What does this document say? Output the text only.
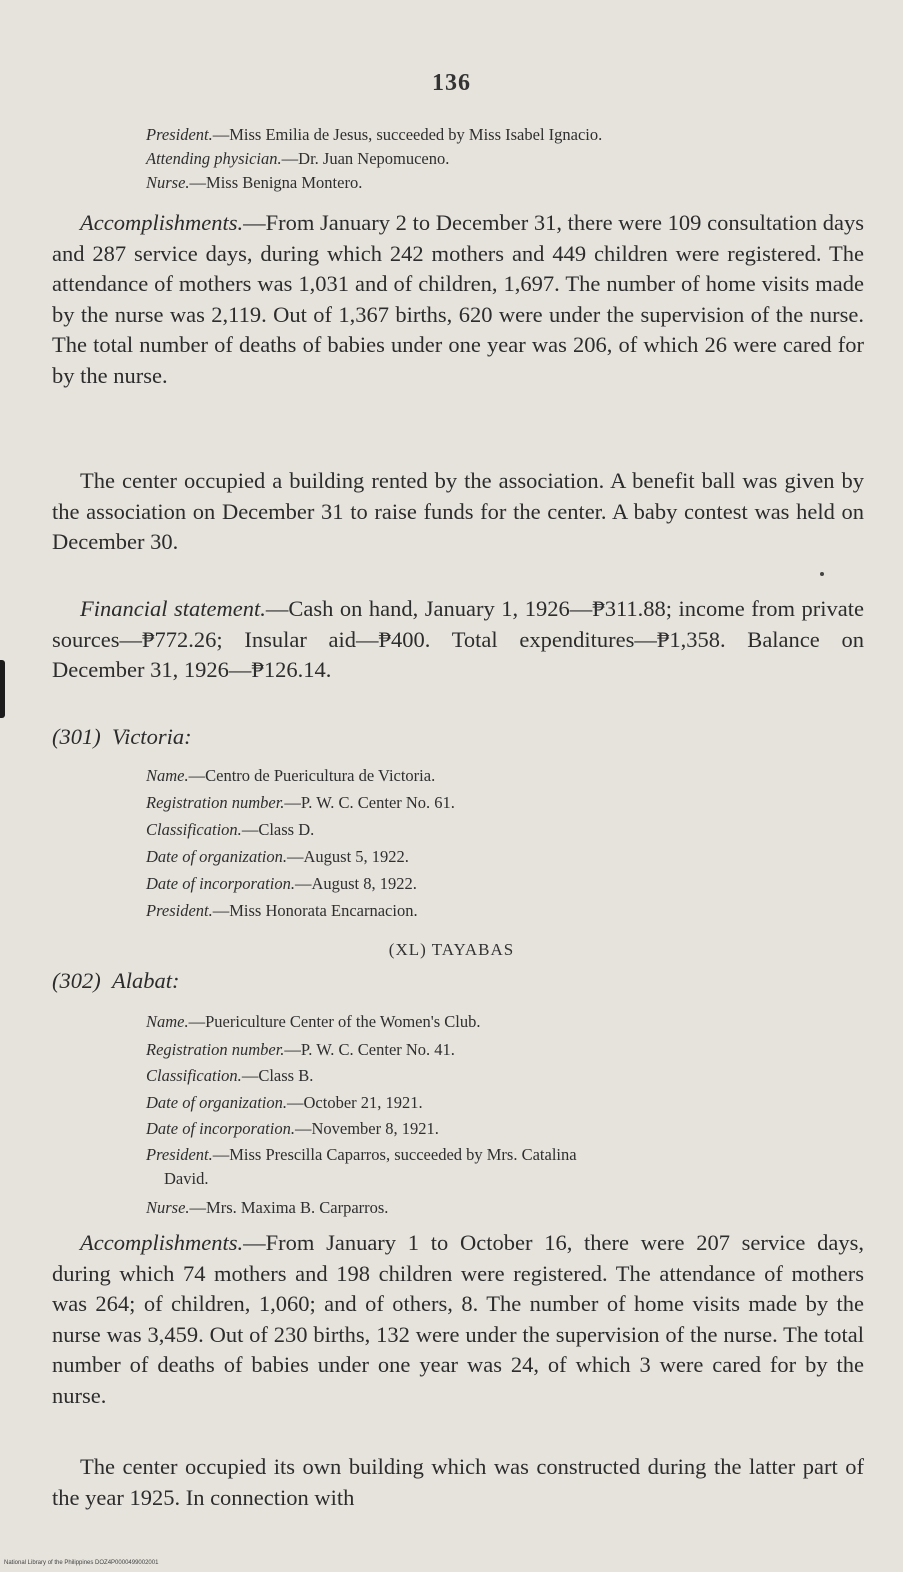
136
President.—Miss Emilia de Jesus, succeeded by Miss Isabel Ignacio.
Attending physician.—Dr. Juan Nepomuceno.
Nurse.—Miss Benigna Montero.
Accomplishments.—From January 2 to December 31, there were 109 consultation days and 287 service days, during which 242 mothers and 449 children were registered. The attendance of mothers was 1,031 and of children, 1,697. The number of home visits made by the nurse was 2,119. Out of 1,367 births, 620 were under the supervision of the nurse. The total number of deaths of babies under one year was 206, of which 26 were cared for by the nurse.
The center occupied a building rented by the association. A benefit ball was given by the association on December 31 to raise funds for the center. A baby contest was held on December 30.
Financial statement.—Cash on hand, January 1, 1926—₱311.88; income from private sources—₱772.26; Insular aid—₱400. Total expenditures—₱1,358. Balance on December 31, 1926—₱126.14.
(301) Victoria:
Name.—Centro de Puericultura de Victoria.
Registration number.—P. W. C. Center No. 61.
Classification.—Class D.
Date of organization.—August 5, 1922.
Date of incorporation.—August 8, 1922.
President.—Miss Honorata Encarnacion.
(XL) TAYABAS
(302) Alabat:
Name.—Puericulture Center of the Women's Club.
Registration number.—P. W. C. Center No. 41.
Classification.—Class B.
Date of organization.—October 21, 1921.
Date of incorporation.—November 8, 1921.
President.—Miss Prescilla Caparros, succeeded by Mrs. Catalina
David.
Nurse.—Mrs. Maxima B. Carparros.
Accomplishments.—From January 1 to October 16, there were 207 service days, during which 74 mothers and 198 children were registered. The attendance of mothers was 264; of children, 1,060; and of others, 8. The number of home visits made by the nurse was 3,459. Out of 230 births, 132 were under the supervision of the nurse. The total number of deaths of babies under one year was 24, of which 3 were cared for by the nurse.
The center occupied its own building which was constructed during the latter part of the year 1925. In connection with
National Library of the Philippines DOZ4P0000499002001
